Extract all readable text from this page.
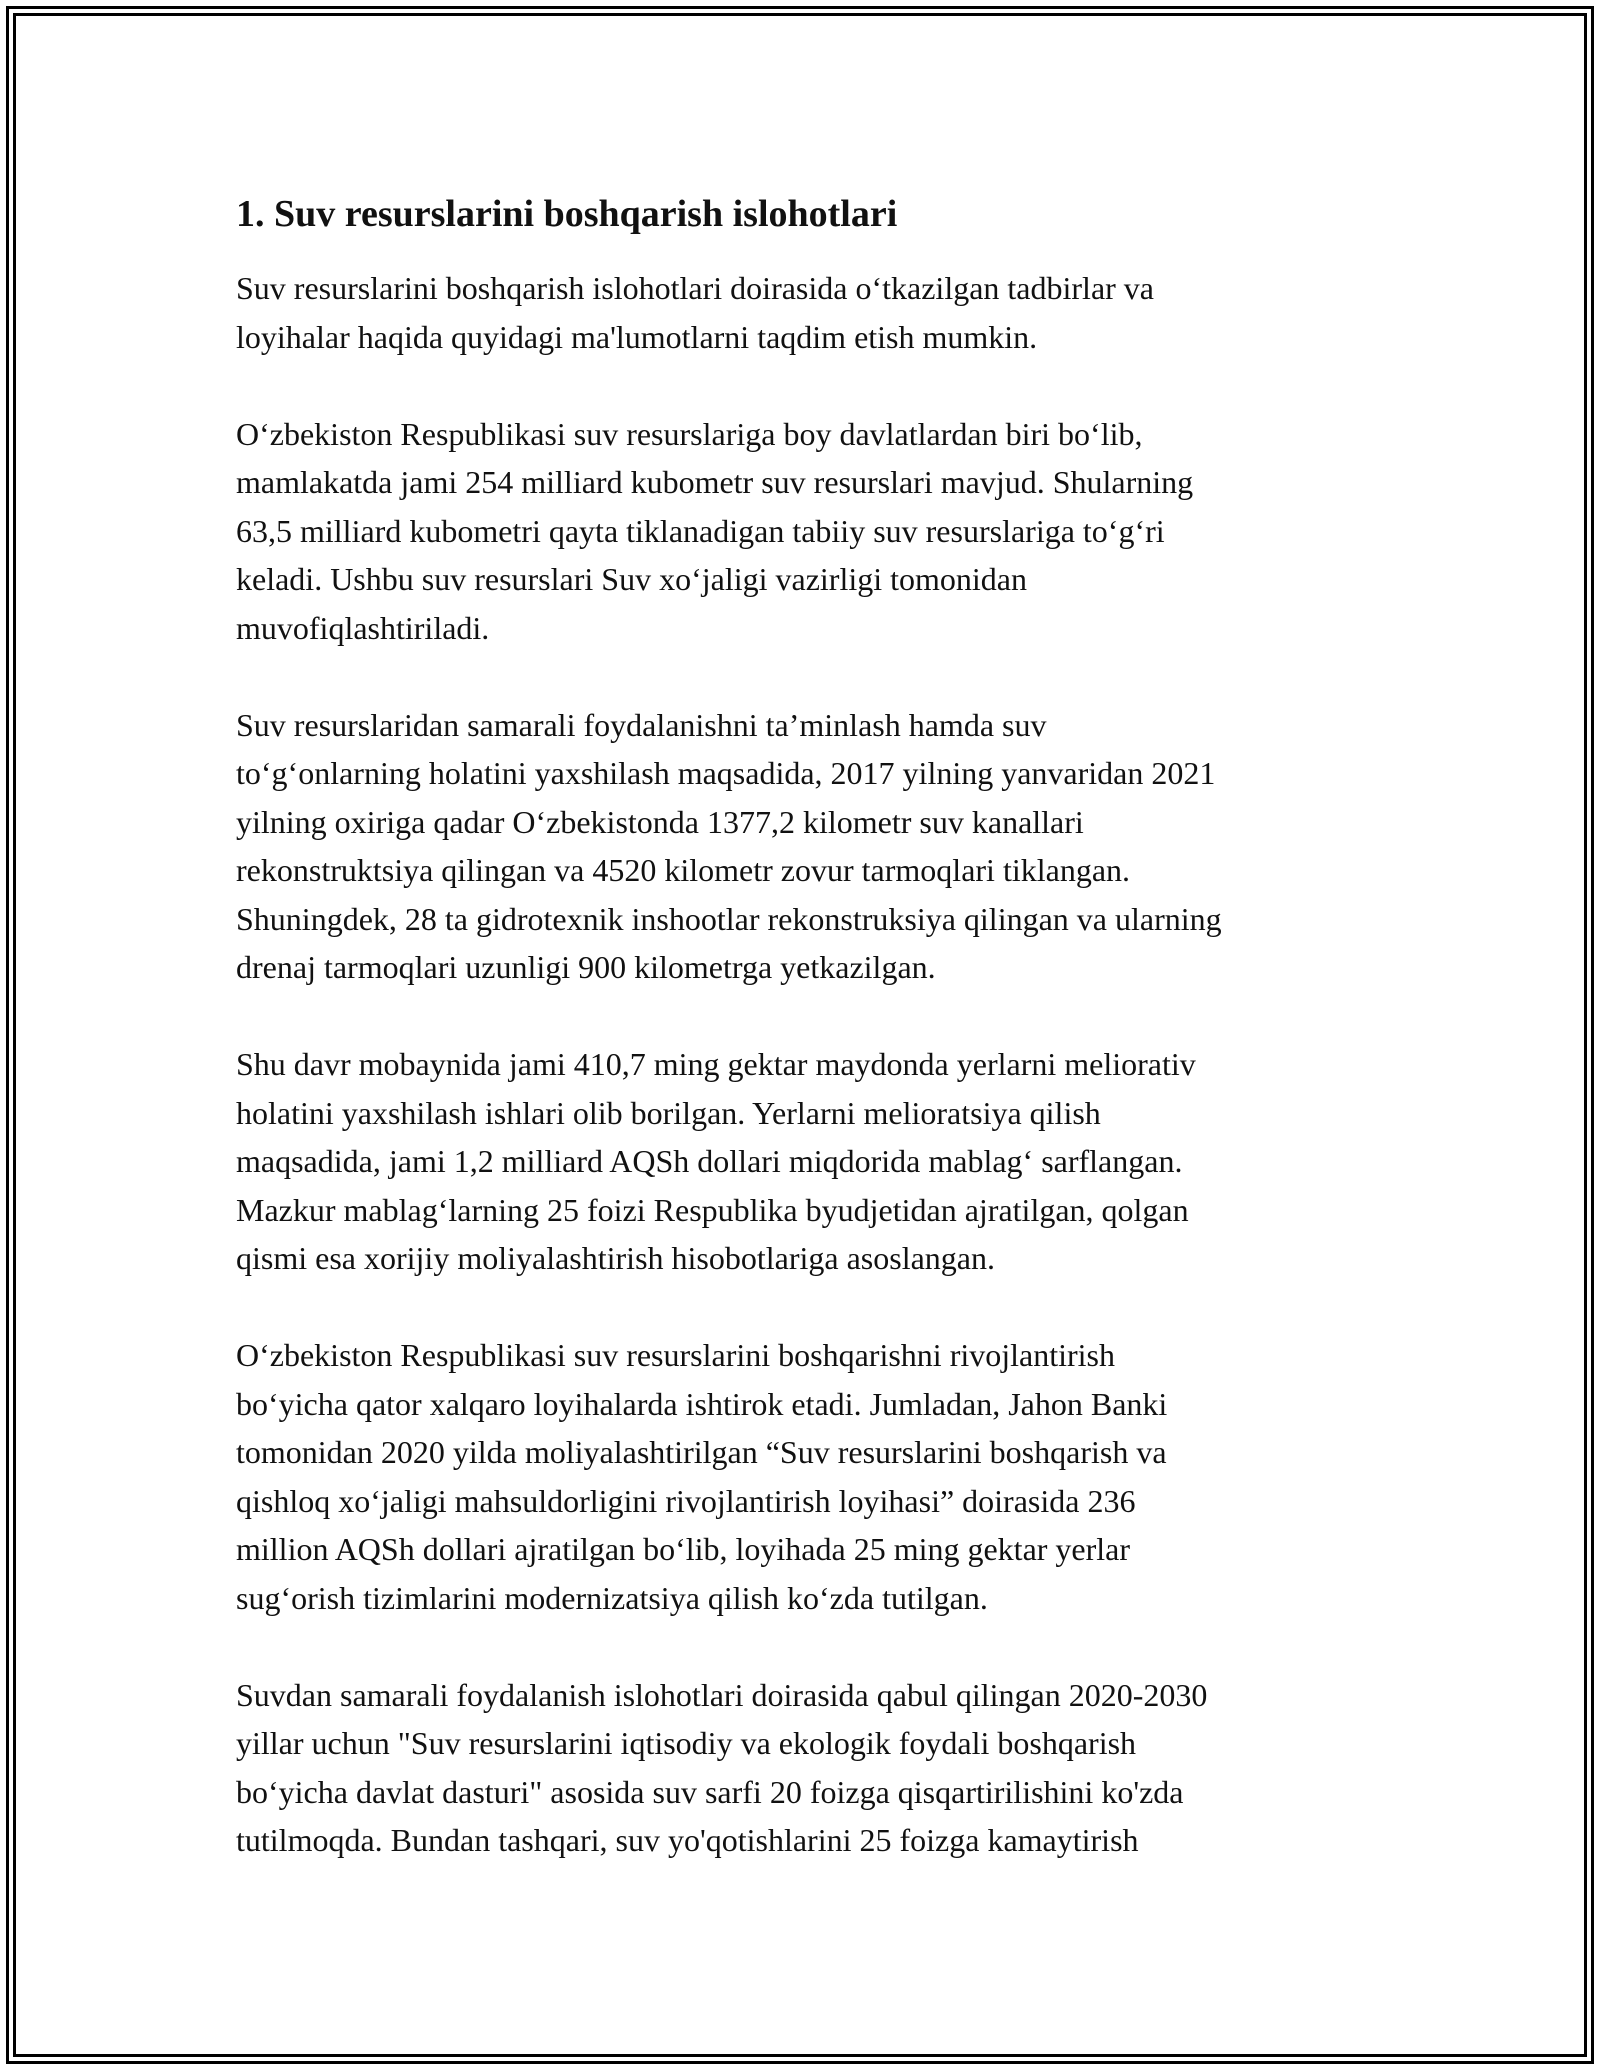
1. Suv resurslarini boshqarish islohotlari

Suv resurslarini boshqarish islohotlari doirasida o‘tkazilgan tadbirlar va
loyihalar haqida quyidagi ma'lumotlarni taqdim etish mumkin.

O‘zbekiston Respublikasi suv resurslariga boy davlatlardan biri bo‘lib,
mamlakatda jami 254 milliard kubometr suv resurslari mavjud. Shularning
63,5 milliard kubometri qayta tiklanadigan tabiiy suv resurslariga to‘g‘ri
keladi. Ushbu suv resurslari Suv xo‘jaligi vazirligi tomonidan
muvofiqlashtiriladi.

Suv resurslaridan samarali foydalanishni ta’minlash hamda suv
to‘g‘onlarning holatini yaxshilash maqsadida, 2017 yilning yanvaridan 2021
yilning oxiriga qadar O‘zbekistonda 1377,2 kilometr suv kanallari
rekonstruktsiya qilingan va 4520 kilometr zovur tarmoqlari tiklangan.
Shuningdek, 28 ta gidrotexnik inshootlar rekonstruksiya qilingan va ularning
drenaj tarmoqlari uzunligi 900 kilometrga yetkazilgan.

Shu davr mobaynida jami 410,7 ming gektar maydonda yerlarni meliorativ
holatini yaxshilash ishlari olib borilgan. Yerlarni melioratsiya qilish
maqsadida, jami 1,2 milliard AQSh dollari miqdorida mablag‘ sarflangan.
Mazkur mablag‘larning 25 foizi Respublika byudjetidan ajratilgan, qolgan
qismi esa xorijiy moliyalashtirish hisobotlariga asoslangan.

O‘zbekiston Respublikasi suv resurslarini boshqarishni rivojlantirish
bo‘yicha qator xalqaro loyihalarda ishtirok etadi. Jumladan, Jahon Banki
tomonidan 2020 yilda moliyalashtirilgan “Suv resurslarini boshqarish va
qishloq xo‘jaligi mahsuldorligini rivojlantirish loyihasi” doirasida 236
million AQSh dollari ajratilgan bo‘lib, loyihada 25 ming gektar yerlar
sug‘orish tizimlarini modernizatsiya qilish ko‘zda tutilgan.

Suvdan samarali foydalanish islohotlari doirasida qabul qilingan 2020-2030
yillar uchun "Suv resurslarini iqtisodiy va ekologik foydali boshqarish
bo‘yicha davlat dasturi" asosida suv sarfi 20 foizga qisqartirilishini ko'zda
tutilmoqda. Bundan tashqari, suv yo'qotishlarini 25 foizga kamaytirish
